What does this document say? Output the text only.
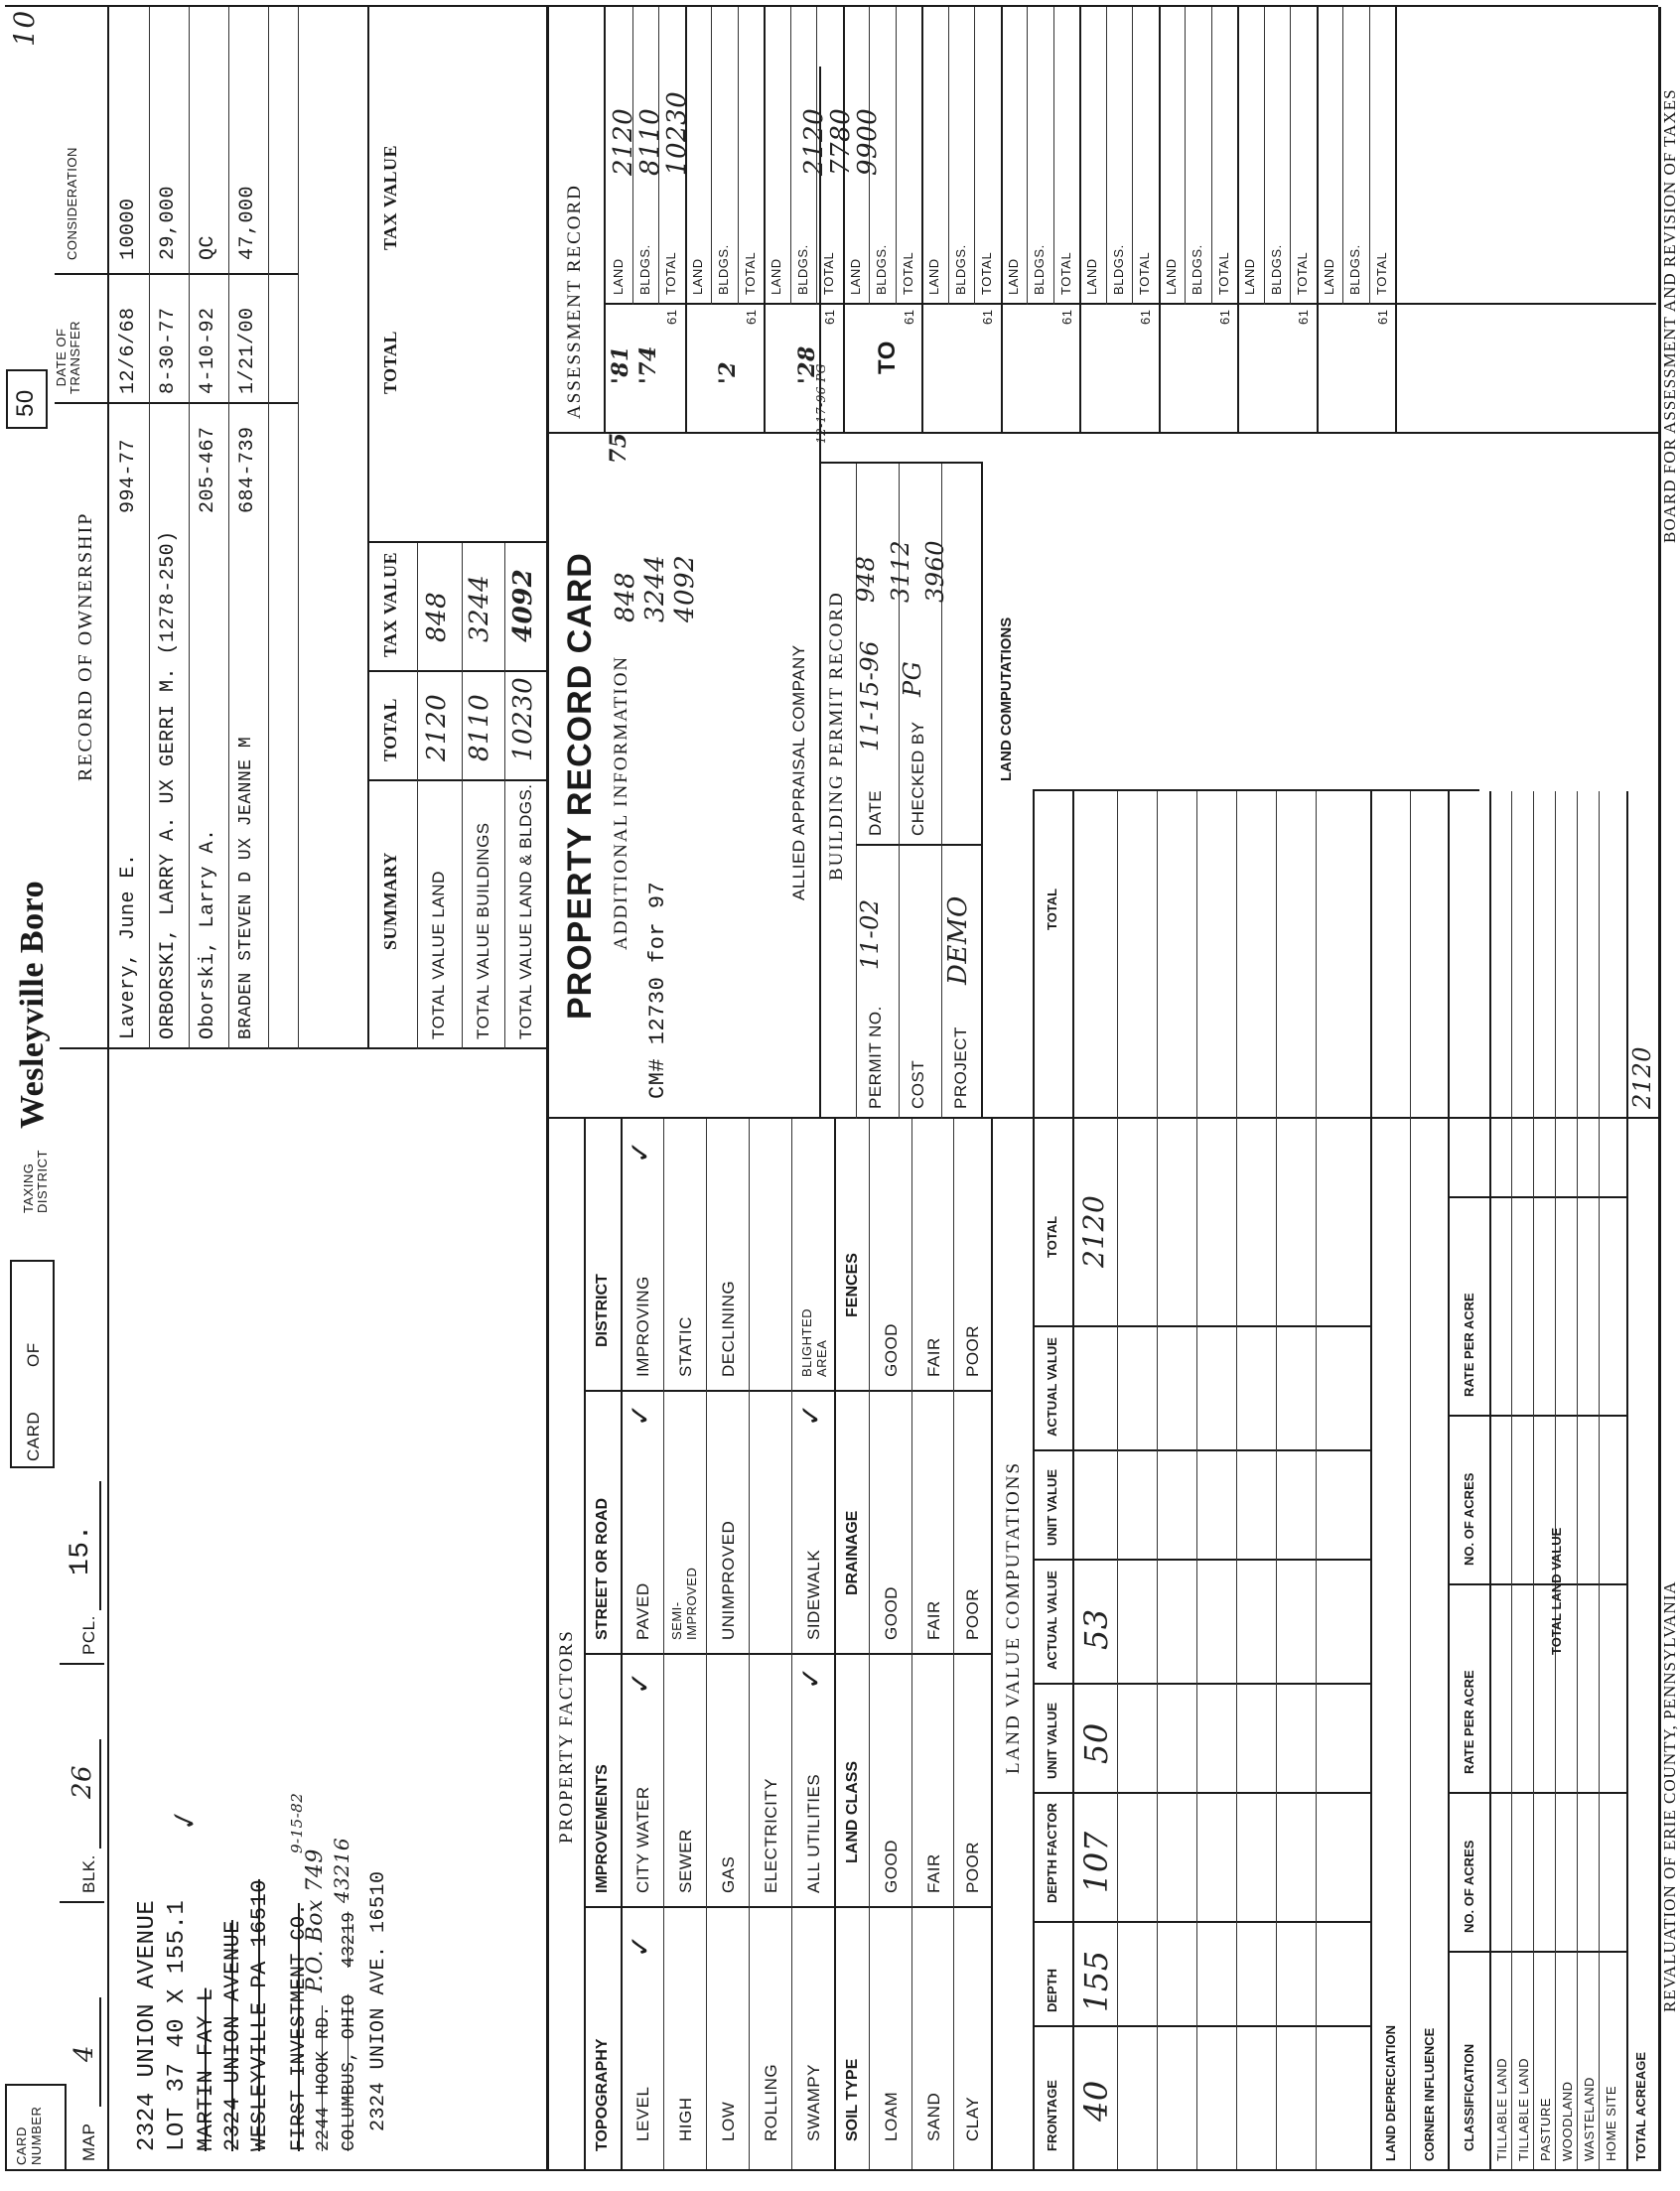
CARD
NUMBER
CARD
OF
TAXING
DISTRICT
Wesleyville Boro
50
10
MAP
4
BLK.
26
PCL.
15.
2324 UNION AVENUE LOT 37 40 X 155.1 MARTIN FAY L 2324 UNION AVENUE WESLEYVILLE PA 16510
✓
FIRST INVESTMENT CO. 2244 HOOK RD.
P.O. Box 749
9-15-82
COLUMBUS, OHIO
43219
43216
2324 UNION AVE. 16510
RECORD OF OWNERSHIP
DATE OF
TRANSFER
CONSIDERATION
Lavery, June E.
994-77
12/6/68
10000
ORBORSKI, LARRY A. UX GERRI M. (1278-250)
8-30-77
29,000
Oborski, Larry A.
205-467
4-10-92
QC
BRADEN STEVEN D UX JEANNE M
684-739
1/21/00
47,000
SUMMARY
TOTAL
TAX VALUE
TOTAL
TAX VALUE
TOTAL VALUE LAND
2120
848
TOTAL VALUE BUILDINGS
8110
3244
TOTAL VALUE LAND & BLDGS.
10230
4092
PROPERTY FACTORS
TOPOGRAPHY
IMPROVEMENTS
STREET OR ROAD
DISTRICT
LEVEL
✓
HIGH LOW ROLLING SWAMPY
CITY WATER
✓
SEWER GAS ELECTRICITY ALL UTILITIES
PAVED
✓
SEMI-
IMPROVED UNIMPROVED	SIDEWALK
✓
IMPROVING
✓
STATIC DECLINING	BLIGHTED
AREA
✓
SOIL TYPE
LAND CLASS
DRAINAGE
FENCES
LOAM SAND CLAY
GOOD FAIR POOR
GOOD FAIR POOR
GOOD FAIR POOR
LAND VALUE COMPUTATIONS
FRONTAGE
DEPTH
DEPTH FACTOR
UNIT VALUE
ACTUAL VALUE
UNIT VALUE
ACTUAL VALUE
TOTAL
TOTAL
40
155
107
50
53
2120
LAND DEPRECIATION CORNER INFLUENCE CLASSIFICATION
NO. OF ACRES
RATE PER ACRE
NO. OF ACRES
RATE PER ACRE
TILLABLE LAND TILLABLE LAND PASTURE WOODLAND WASTELAND HOME SITE TOTAL ACREAGE
TOTAL LAND VALUE
2120
PROPERTY RECORD CARD ADDITIONAL INFORMATION
CM# 12730 for 97
848 3244 4092
ALLIED APPRAISAL COMPANY BUILDING PERMIT RECORD
PERMIT NO.
11-02
DATE
11-15-96
COST
CHECKED BY
PG
PROJECT
DEMO
948 3112 3960
LAND COMPUTATIONS
ASSESSMENT RECORD LAND BLDGS. TOTAL
61
LAND BLDGS. TOTAL
61
LAND BLDGS. TOTAL
61
LAND BLDGS. TOTAL
61
LAND BLDGS. TOTAL
61
LAND BLDGS. TOTAL
61
LAND BLDGS. TOTAL
61
LAND BLDGS. TOTAL
61
LAND BLDGS. TOTAL
61
LAND BLDGS. TOTAL
61
75
'81
2120
8110
10230
'74 '2 '28
12-17-96 PG
2120
7780
9900
TO
REVALUATION OF ERIE COUNTY, PENNSYLVANIA
BOARD FOR ASSESSMENT AND REVISION OF TAXES
